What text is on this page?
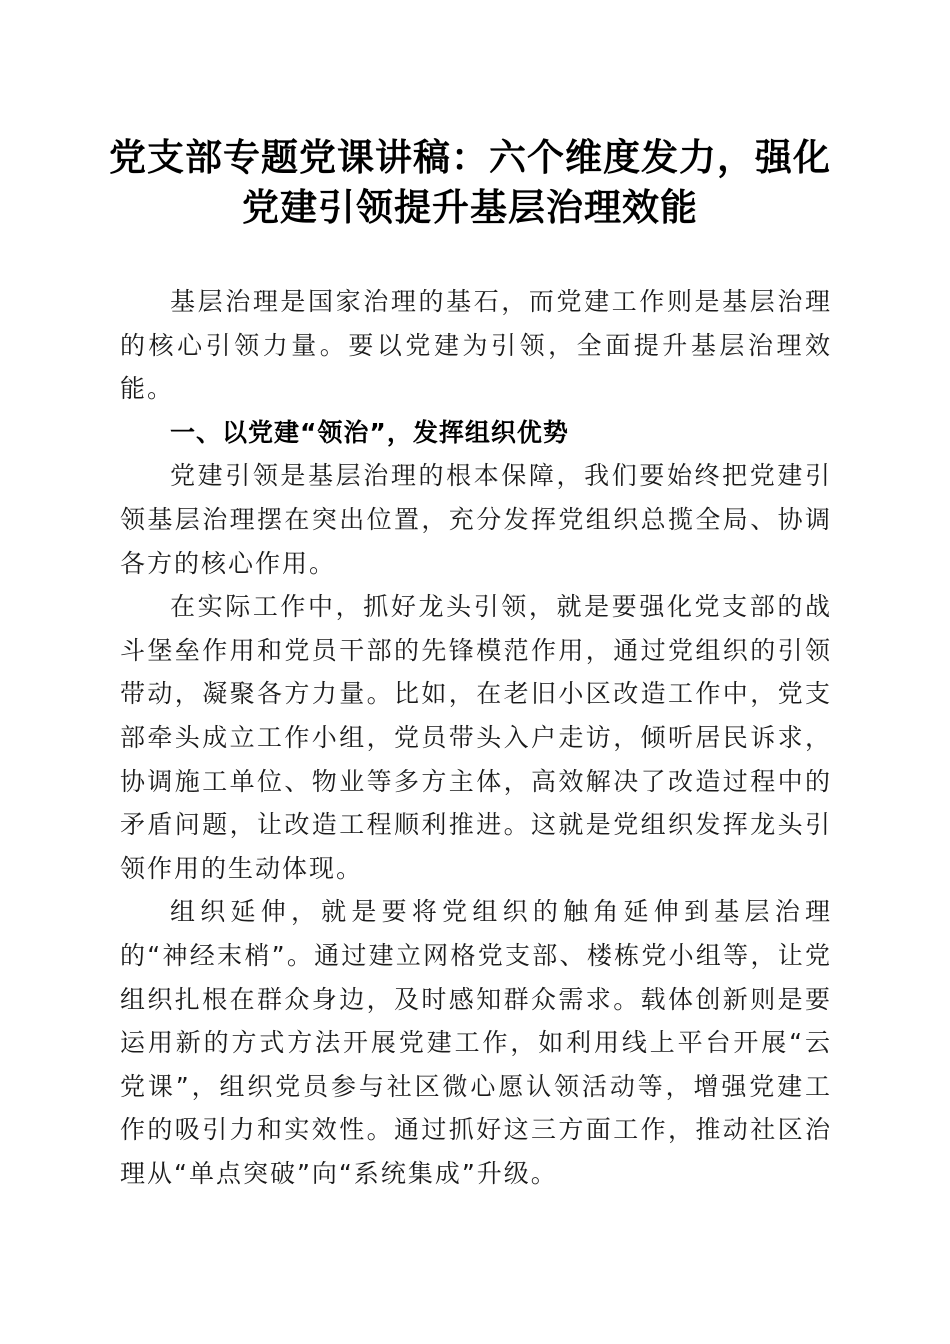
党支部专题党课讲稿：六个维度发力，强化党建引领提升基层治理效能

基层治理是国家治理的基石，而党建工作则是基层治理的核心引领力量。要以党建为引领，全面提升基层治理效能。

一、以党建“领治”，发挥组织优势

党建引领是基层治理的根本保障，我们要始终把党建引领基层治理摆在突出位置，充分发挥党组织总揽全局、协调各方的核心作用。

在实际工作中，抓好龙头引领，就是要强化党支部的战斗堡垒作用和党员干部的先锋模范作用，通过党组织的引领带动，凝聚各方力量。比如，在老旧小区改造工作中，党支部牵头成立工作小组，党员带头入户走访，倾听居民诉求，协调施工单位、物业等多方主体，高效解决了改造过程中的矛盾问题，让改造工程顺利推进。这就是党组织发挥龙头引领作用的生动体现。

组织延伸，就是要将党组织的触角延伸到基层治理的“神经末梢”。通过建立网格党支部、楼栋党小组等，让党组织扎根在群众身边，及时感知群众需求。载体创新则是要运用新的方式方法开展党建工作，如利用线上平台开展“云党课”，组织党员参与社区微心愿认领活动等，增强党建工作的吸引力和实效性。通过抓好这三方面工作，推动社区治理从“单点突破”向“系统集成”升级。
